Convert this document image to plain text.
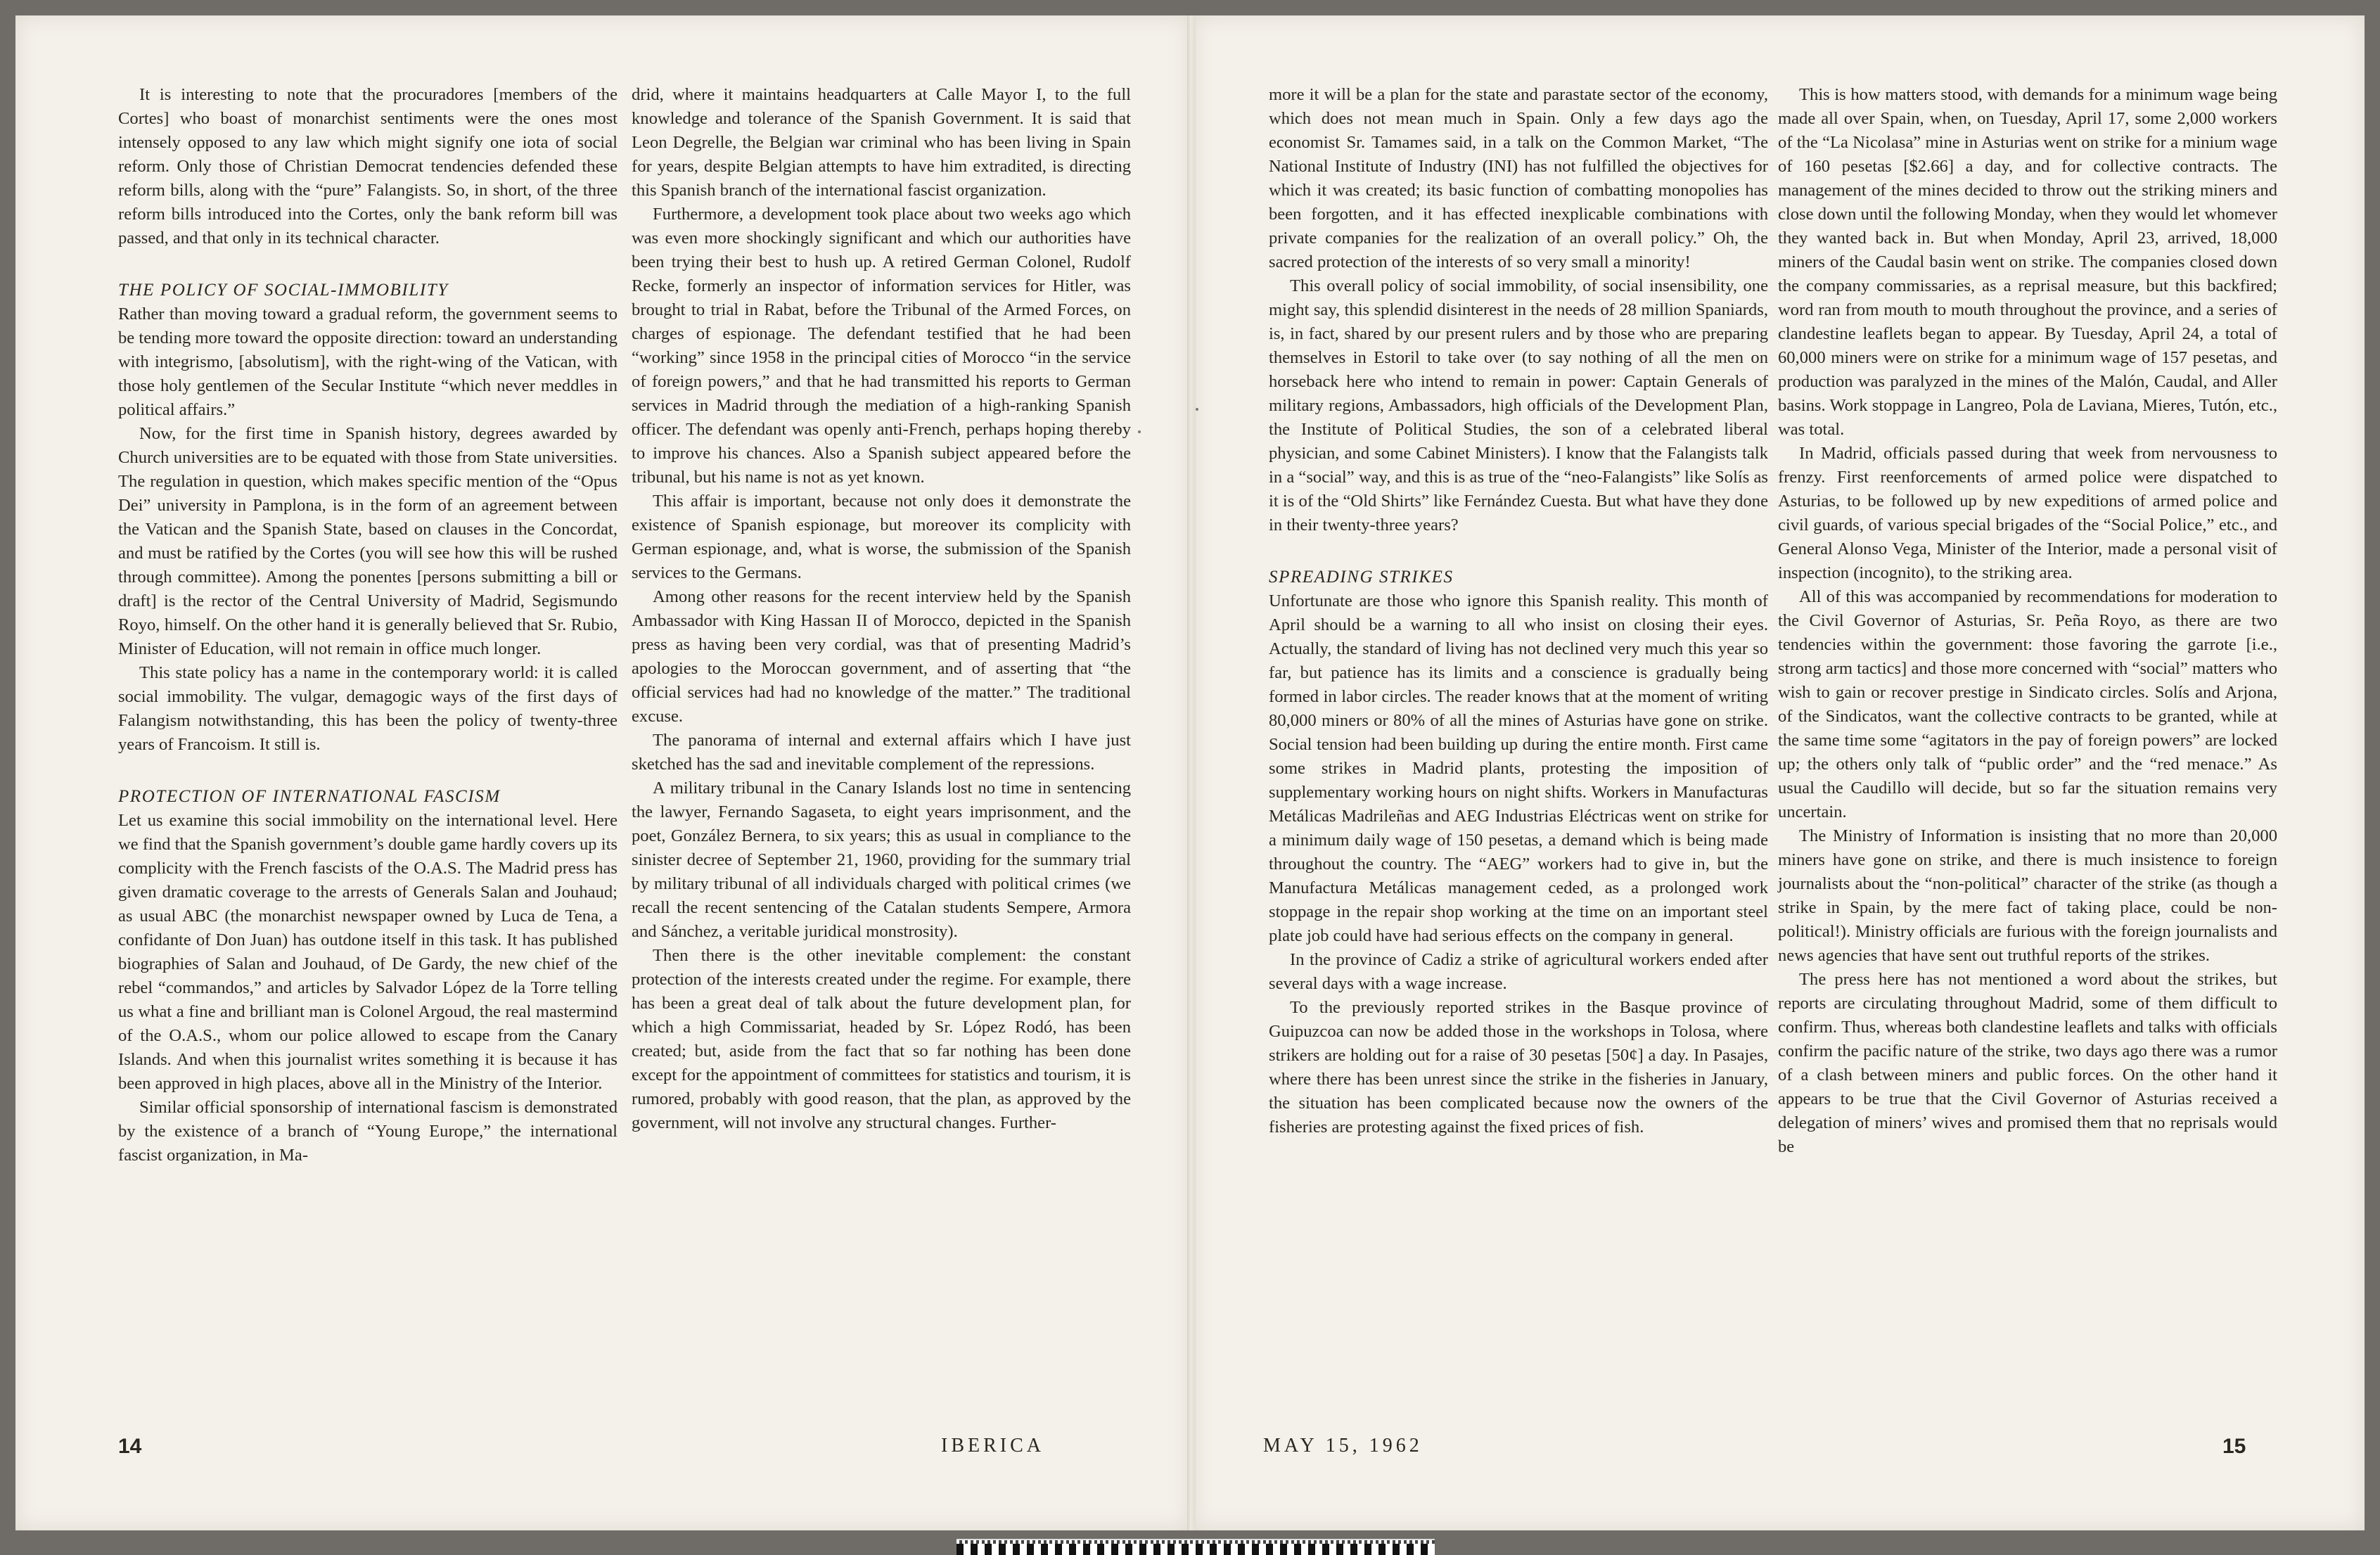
It is interesting to note that the procuradores [members of the Cortes] who boast of monarchist sentiments were the ones most intensely opposed to any law which might signify one iota of social reform. Only those of Christian Democrat tendencies defended these reform bills, along with the “pure” Falangists. So, in short, of the three reform bills introduced into the Cortes, only the bank reform bill was passed, and that only in its technical character.

THE POLICY OF SOCIAL-IMMOBILITY

Rather than moving toward a gradual reform, the government seems to be tending more toward the opposite direction: toward an understanding with integrismo, [absolutism], with the right-wing of the Vatican, with those holy gentlemen of the Secular Institute “which never meddles in political affairs.”

Now, for the first time in Spanish history, degrees awarded by Church universities are to be equated with those from State universities. The regulation in question, which makes specific mention of the “Opus Dei” university in Pamplona, is in the form of an agreement between the Vatican and the Spanish State, based on clauses in the Concordat, and must be ratified by the Cortes (you will see how this will be rushed through committee). Among the ponentes [persons submitting a bill or draft] is the rector of the Central University of Madrid, Segismundo Royo, himself. On the other hand it is generally believed that Sr. Rubio, Minister of Education, will not remain in office much longer.

This state policy has a name in the contemporary world: it is called social immobility. The vulgar, demagogic ways of the first days of Falangism notwithstanding, this has been the policy of twenty-three years of Francoism. It still is.

PROTECTION OF INTERNATIONAL FASCISM

Let us examine this social immobility on the international level. Here we find that the Spanish government’s double game hardly covers up its complicity with the French fascists of the O.A.S. The Madrid press has given dramatic coverage to the arrests of Generals Salan and Jouhaud; as usual ABC (the monarchist newspaper owned by Luca de Tena, a confidante of Don Juan) has outdone itself in this task. It has published biographies of Salan and Jouhaud, of De Gardy, the new chief of the rebel “commandos,” and articles by Salvador López de la Torre telling us what a fine and brilliant man is Colonel Argoud, the real mastermind of the O.A.S., whom our police allowed to escape from the Canary Islands. And when this journalist writes something it is because it has been approved in high places, above all in the Ministry of the Interior.

Similar official sponsorship of international fascism is demonstrated by the existence of a branch of “Young Europe,” the international fascist organization, in Ma-

drid, where it maintains headquarters at Calle Mayor I, to the full knowledge and tolerance of the Spanish Government. It is said that Leon Degrelle, the Belgian war criminal who has been living in Spain for years, despite Belgian attempts to have him extradited, is directing this Spanish branch of the international fascist organization.

Furthermore, a development took place about two weeks ago which was even more shockingly significant and which our authorities have been trying their best to hush up. A retired German Colonel, Rudolf Recke, formerly an inspector of information services for Hitler, was brought to trial in Rabat, before the Tribunal of the Armed Forces, on charges of espionage. The defendant testified that he had been “working” since 1958 in the principal cities of Morocco “in the service of foreign powers,” and that he had transmitted his reports to German services in Madrid through the mediation of a high-ranking Spanish officer. The defendant was openly anti-French, perhaps hoping thereby to improve his chances. Also a Spanish subject appeared before the tribunal, but his name is not as yet known.

This affair is important, because not only does it demonstrate the existence of Spanish espionage, but moreover its complicity with German espionage, and, what is worse, the submission of the Spanish services to the Germans.

Among other reasons for the recent interview held by the Spanish Ambassador with King Hassan II of Morocco, depicted in the Spanish press as having been very cordial, was that of presenting Madrid’s apologies to the Moroccan government, and of asserting that “the official services had had no knowledge of the matter.” The traditional excuse.

The panorama of internal and external affairs which I have just sketched has the sad and inevitable complement of the repressions.

A military tribunal in the Canary Islands lost no time in sentencing the lawyer, Fernando Sagaseta, to eight years imprisonment, and the poet, González Bernera, to six years; this as usual in compliance to the sinister decree of September 21, 1960, providing for the summary trial by military tribunal of all individuals charged with political crimes (we recall the recent sentencing of the Catalan students Sempere, Armora and Sánchez, a veritable juridical monstrosity).

Then there is the other inevitable complement: the constant protection of the interests created under the regime. For example, there has been a great deal of talk about the future development plan, for which a high Commissariat, headed by Sr. López Rodó, has been created; but, aside from the fact that so far nothing has been done except for the appointment of committees for statistics and tourism, it is rumored, probably with good reason, that the plan, as approved by the government, will not involve any structural changes. Further-

more it will be a plan for the state and parastate sector of the economy, which does not mean much in Spain. Only a few days ago the economist Sr. Tamames said, in a talk on the Common Market, “The National Institute of Industry (INI) has not fulfilled the objectives for which it was created; its basic function of combatting monopolies has been forgotten, and it has effected inexplicable combinations with private companies for the realization of an overall policy.” Oh, the sacred protection of the interests of so very small a minority!

This overall policy of social immobility, of social insensibility, one might say, this splendid disinterest in the needs of 28 million Spaniards, is, in fact, shared by our present rulers and by those who are preparing themselves in Estoril to take over (to say nothing of all the men on horseback here who intend to remain in power: Captain Generals of military regions, Ambassadors, high officials of the Development Plan, the Institute of Political Studies, the son of a celebrated liberal physician, and some Cabinet Ministers). I know that the Falangists talk in a “social” way, and this is as true of the “neo-Falangists” like Solís as it is of the “Old Shirts” like Fernández Cuesta. But what have they done in their twenty-three years?

SPREADING STRIKES

Unfortunate are those who ignore this Spanish reality. This month of April should be a warning to all who insist on closing their eyes. Actually, the standard of living has not declined very much this year so far, but patience has its limits and a conscience is gradually being formed in labor circles. The reader knows that at the moment of writing 80,000 miners or 80% of all the mines of Asturias have gone on strike. Social tension had been building up during the entire month. First came some strikes in Madrid plants, protesting the imposition of supplementary working hours on night shifts. Workers in Manufacturas Metálicas Madrileñas and AEG Industrias Eléctricas went on strike for a minimum daily wage of 150 pesetas, a demand which is being made throughout the country. The “AEG” workers had to give in, but the Manufactura Metálicas management ceded, as a prolonged work stoppage in the repair shop working at the time on an important steel plate job could have had serious effects on the company in general.

In the province of Cadiz a strike of agricultural workers ended after several days with a wage increase.

To the previously reported strikes in the Basque province of Guipuzcoa can now be added those in the workshops in Tolosa, where strikers are holding out for a raise of 30 pesetas [50¢] a day. In Pasajes, where there has been unrest since the strike in the fisheries in January, the situation has been complicated because now the owners of the fisheries are protesting against the fixed prices of fish.

This is how matters stood, with demands for a minimum wage being made all over Spain, when, on Tuesday, April 17, some 2,000 workers of the “La Nicolasa” mine in Asturias went on strike for a minium wage of 160 pesetas [$2.66] a day, and for collective contracts. The management of the mines decided to throw out the striking miners and close down until the following Monday, when they would let whomever they wanted back in. But when Monday, April 23, arrived, 18,000 miners of the Caudal basin went on strike. The companies closed down the company commissaries, as a reprisal measure, but this backfired; word ran from mouth to mouth throughout the province, and a series of clandestine leaflets began to appear. By Tuesday, April 24, a total of 60,000 miners were on strike for a minimum wage of 157 pesetas, and production was paralyzed in the mines of the Malón, Caudal, and Aller basins. Work stoppage in Langreo, Pola de Laviana, Mieres, Tutón, etc., was total.

In Madrid, officials passed during that week from nervousness to frenzy. First reenforcements of armed police were dispatched to Asturias, to be followed up by new expeditions of armed police and civil guards, of various special brigades of the “Social Police,” etc., and General Alonso Vega, Minister of the Interior, made a personal visit of inspection (incognito), to the striking area.

All of this was accompanied by recommendations for moderation to the Civil Governor of Asturias, Sr. Peña Royo, as there are two tendencies within the government: those favoring the garrote [i.e., strong arm tactics] and those more concerned with “social” matters who wish to gain or recover prestige in Sindicato circles. Solís and Arjona, of the Sindicatos, want the collective contracts to be granted, while at the same time some “agitators in the pay of foreign powers” are locked up; the others only talk of “public order” and the “red menace.” As usual the Caudillo will decide, but so far the situation remains very uncertain.

The Ministry of Information is insisting that no more than 20,000 miners have gone on strike, and there is much insistence to foreign journalists about the “non-political” character of the strike (as though a strike in Spain, by the mere fact of taking place, could be non-political!). Ministry officials are furious with the foreign journalists and news agencies that have sent out truthful reports of the strikes.

The press here has not mentioned a word about the strikes, but reports are circulating throughout Madrid, some of them difficult to confirm. Thus, whereas both clandestine leaflets and talks with officials confirm the pacific nature of the strike, two days ago there was a rumor of a clash between miners and public forces. On the other hand it appears to be true that the Civil Governor of Asturias received a delegation of miners’ wives and promised them that no reprisals would be

14	IBERICA	MAY 15, 1962	15
